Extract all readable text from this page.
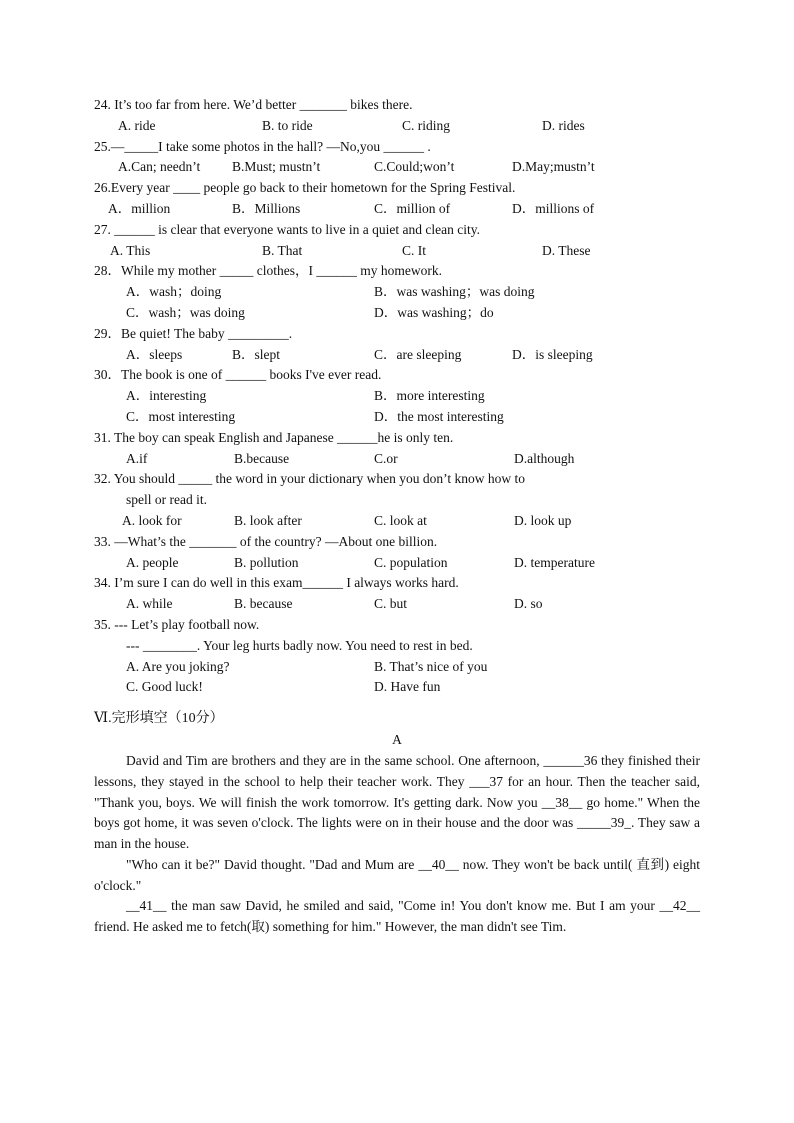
24. It’s too far from here. We’d better _______ bikes there.
A. ride	B. to ride	C. riding	D. rides
25.—_____I take some photos in the hall? —No,you ______ .
A.Can; needn’t B.Must; mustn’t	C.Could;won’t	D.May;mustn’t
26.Every year ____ people go back to their hometown for the Spring Festival.
A．million	B．Millions	C．million of	D．millions of
27. ______ is clear that everyone wants to live in a quiet and clean city.
A. This	B. That	C. It	D. These
28．While my mother _____ clothes，I ______ my homework.
A．wash；doing	B．was washing；was doing
C．wash；was doing	D．was washing；do
29．Be quiet! The baby _________.
A．sleeps	B．slept	C．are sleeping	D．is sleeping
30．The book is one of ______ books I've ever read.
A．interesting	B．more interesting
C．most interesting	D．the most interesting
31. The boy can speak English and Japanese ______he is only ten.
A.if	B.because	C.or	D.although
32. You should _____ the word in your dictionary when you don’t know how to
spell or read it.
A. look for	B. look after	C. look at	D. look up
33. —What’s the _______ of the country? —About one billion.
A. people	B. pollution	C. population	D. temperature
34. I’m sure I can do well in this exam______ I always works hard.
A. while	B. because	C. but	D. so
35. --- Let’s play football now.
--- ________. Your leg hurts badly now. You need to rest in bed.
A. Are you joking?	B. That’s nice of you
C. Good luck!	D. Have fun
Ⅵ.完形填空（10分）
A

David and Tim are brothers and they are in the same school. One afternoon, ______36 they finished their lessons, they stayed in the school to help their teacher work. They ___37 for an hour. Then the teacher said, "Thank you, boys. We will finish the work tomorrow. It's getting dark. Now you __38__ go home." When the boys got home, it was seven o'clock. The lights were on in their house and the door was _____39_. They saw a man in the house.

"Who can it be?" David thought. "Dad and Mum are __40__ now. They won't be back until( 直到) eight o'clock."

__41__ the man saw David, he smiled and said, "Come in! You don't know me. But I am your __42__ friend. He asked me to fetch(取) something for him." However, the man didn't see Tim.
